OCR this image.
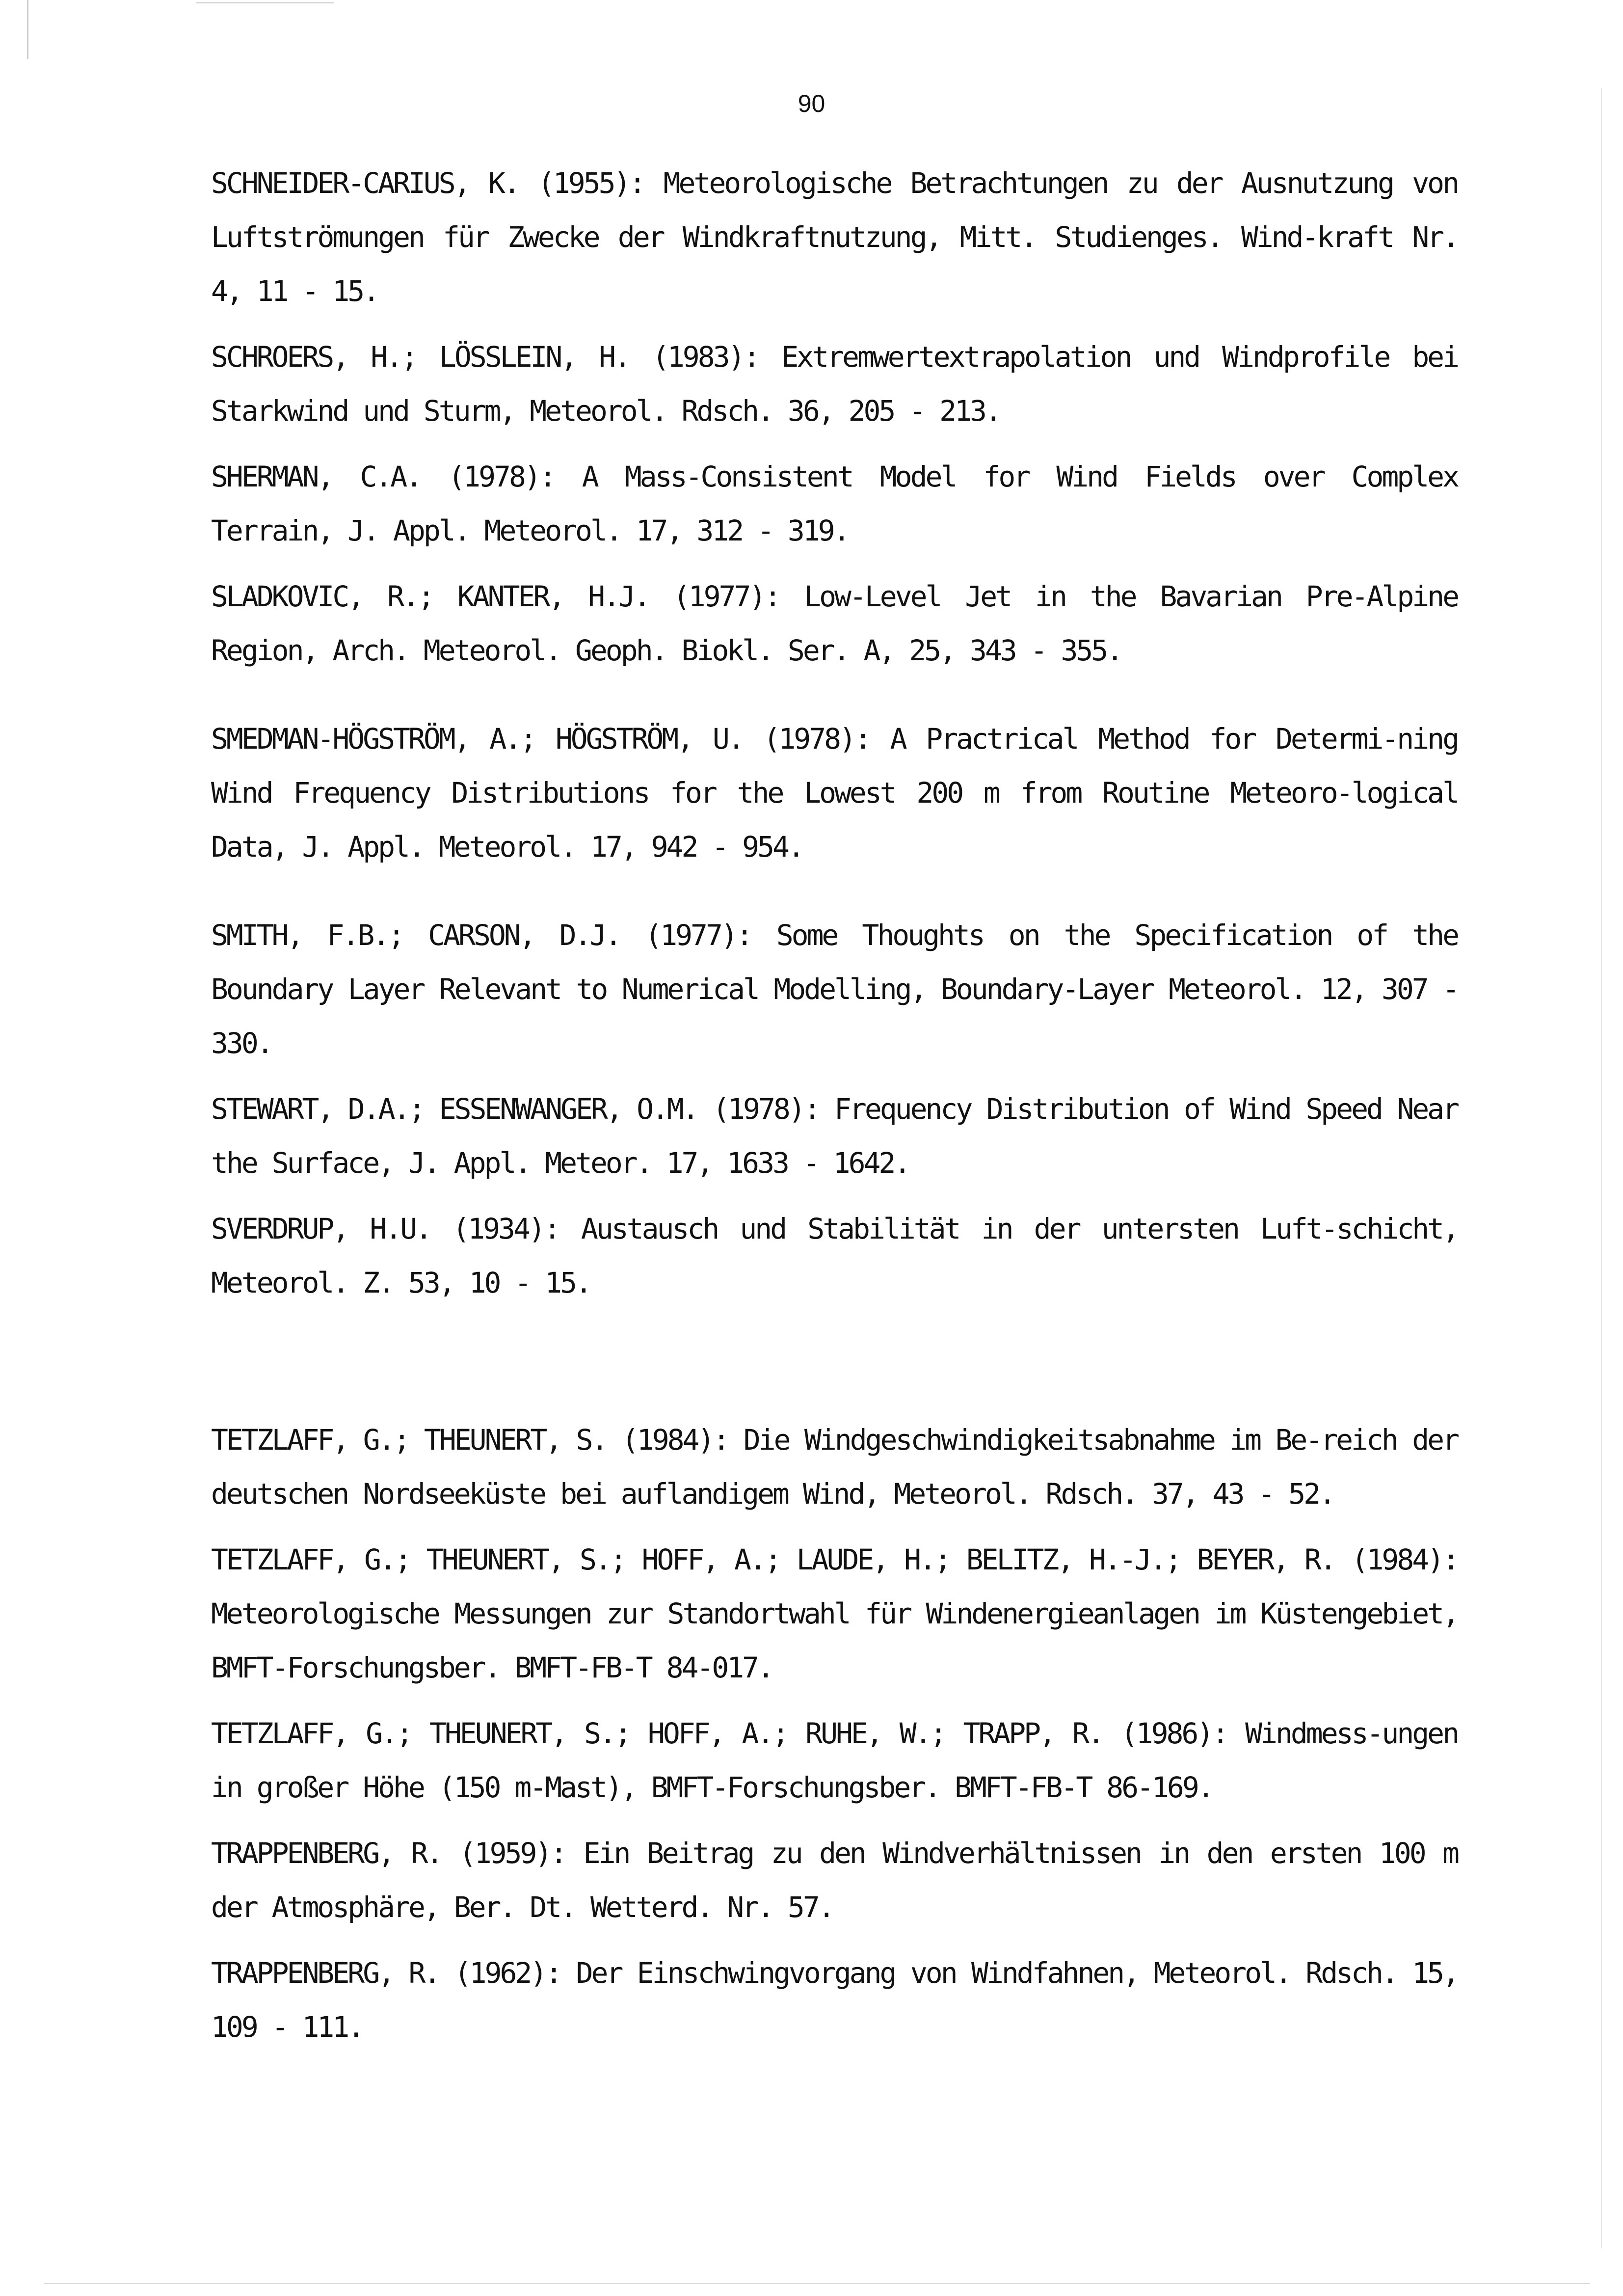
90

SCHNEIDER-CARIUS, K. (1955): Meteorologische Betrachtungen zu der Ausnutzung von Luftströmungen für Zwecke der Windkraftnutzung, Mitt. Studienges. Wind-kraft Nr. 4, 11 - 15.

SCHROERS, H.; LÖSSLEIN, H. (1983): Extremwertextrapolation und Windprofile bei Starkwind und Sturm, Meteorol. Rdsch. 36, 205 - 213.

SHERMAN, C.A. (1978): A Mass-Consistent Model for Wind Fields over Complex Terrain, J. Appl. Meteorol. 17, 312 - 319.

SLADKOVIC, R.; KANTER, H.J. (1977): Low-Level Jet in the Bavarian Pre-Alpine Region, Arch. Meteorol. Geoph. Biokl. Ser. A, 25, 343 - 355.

SMEDMAN-HÖGSTRÖM, A.; HÖGSTRÖM, U. (1978): A Practrical Method for Determi-ning Wind Frequency Distributions for the Lowest 200 m from Routine Meteoro-logical Data, J. Appl. Meteorol. 17, 942 - 954.

SMITH, F.B.; CARSON, D.J. (1977): Some Thoughts on the Specification of the Boundary Layer Relevant to Numerical Modelling, Boundary-Layer Meteorol. 12, 307 - 330.

STEWART, D.A.; ESSENWANGER, O.M. (1978): Frequency Distribution of Wind Speed Near the Surface, J. Appl. Meteor. 17, 1633 - 1642.

SVERDRUP, H.U. (1934): Austausch und Stabilität in der untersten Luft-schicht, Meteorol. Z. 53, 10 - 15.

TETZLAFF, G.; THEUNERT, S. (1984): Die Windgeschwindigkeitsabnahme im Be-reich der deutschen Nordseeküste bei auflandigem Wind, Meteorol. Rdsch. 37, 43 - 52.

TETZLAFF, G.; THEUNERT, S.; HOFF, A.; LAUDE, H.; BELITZ, H.-J.; BEYER, R. (1984): Meteorologische Messungen zur Standortwahl für Windenergieanlagen im Küstengebiet, BMFT-Forschungsber. BMFT-FB-T 84-017.

TETZLAFF, G.; THEUNERT, S.; HOFF, A.; RUHE, W.; TRAPP, R. (1986): Windmess-ungen in großer Höhe (150 m-Mast), BMFT-Forschungsber. BMFT-FB-T 86-169.

TRAPPENBERG, R. (1959): Ein Beitrag zu den Windverhältnissen in den ersten 100 m der Atmosphäre, Ber. Dt. Wetterd. Nr. 57.

TRAPPENBERG, R. (1962): Der Einschwingvorgang von Windfahnen, Meteorol. Rdsch. 15, 109 - 111.
